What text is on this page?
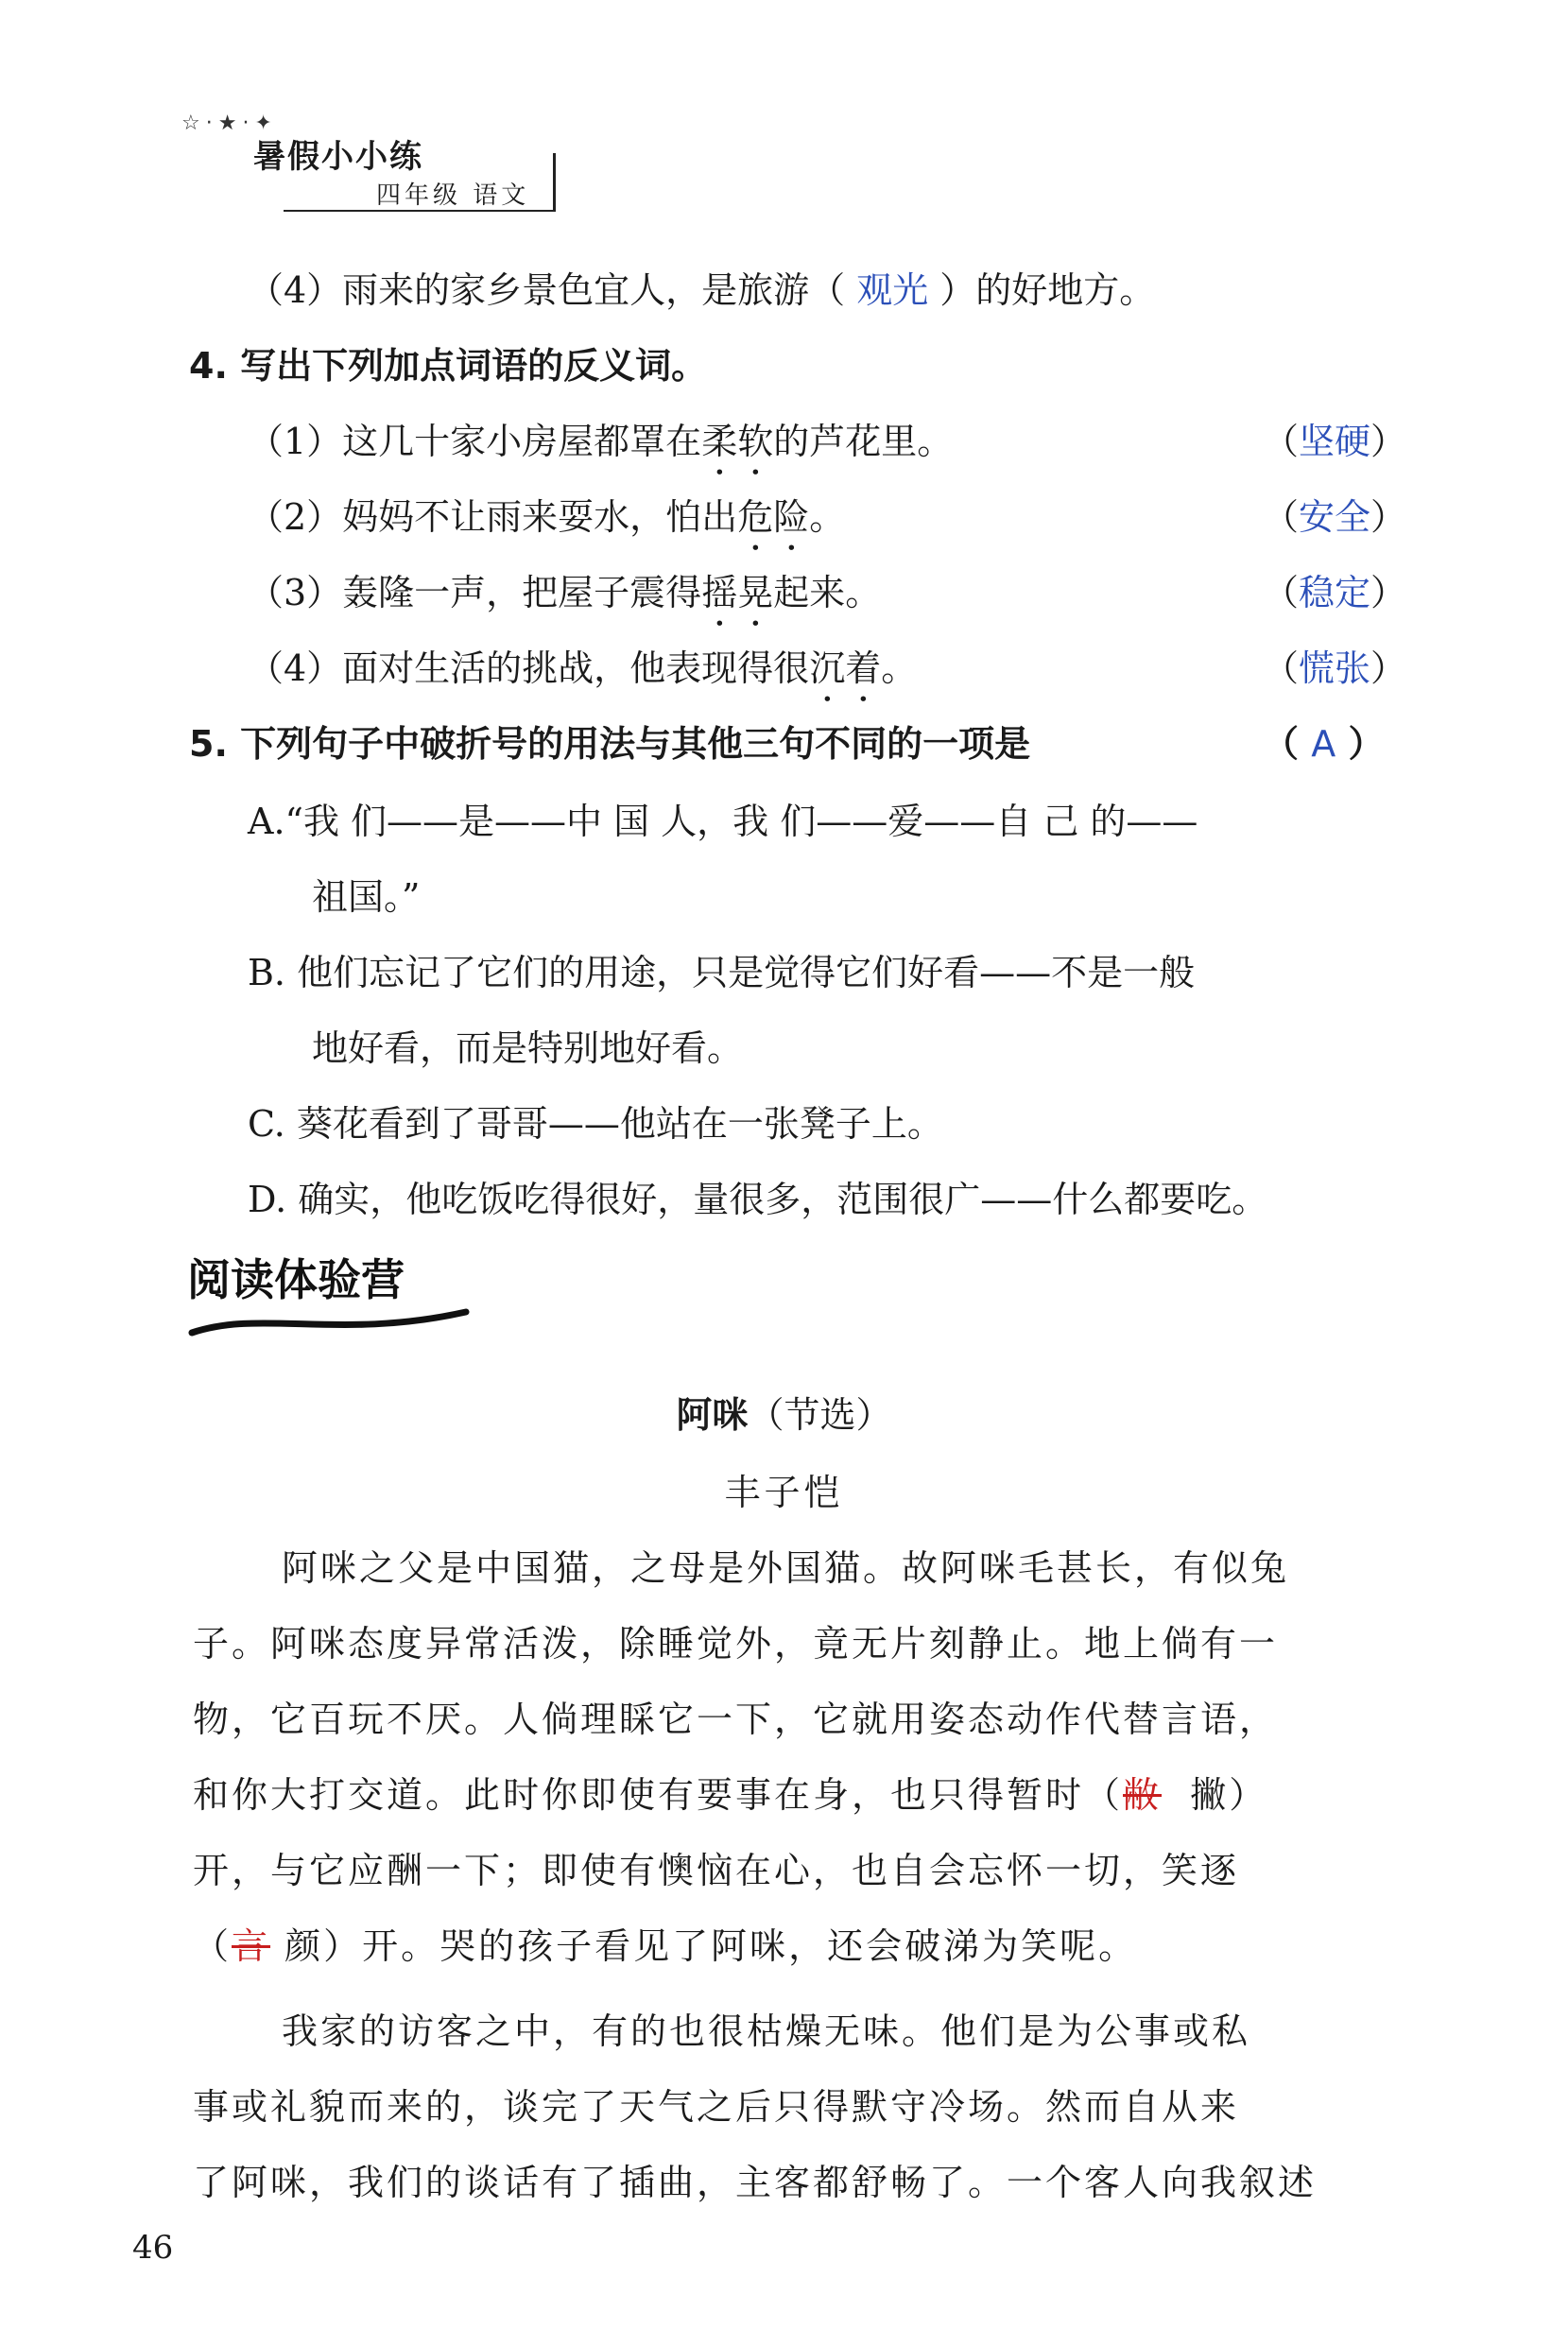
☆·★·✦
暑假小小练
四年级 语文
（4）雨来的家乡景色宜人，是旅游（ 观光 ）的好地方。
4. 写出下列加点词语的反义词。
（1）这几十家小房屋都罩在柔软的芦花里。	（坚硬）
（2）妈妈不让雨来耍水，怕出危险。	（安全）
（3）轰隆一声，把屋子震得摇晃起来。	（稳定）
（4）面对生活的挑战，他表现得很沉着。	（慌张）
5. 下列句子中破折号的用法与其他三句不同的一项是	（ A ）
A.“我 们——是——中 国 人，我 们——爱——自 己 的——
祖国。”
B. 他们忘记了它们的用途，只是觉得它们好看——不是一般
地好看，而是特别地好看。
C. 葵花看到了哥哥——他站在一张凳子上。
D. 确实，他吃饭吃得很好，量很多，范围很广——什么都要吃。
阅读体验营
阿咪（节选）
丰子恺
阿咪之父是中国猫，之母是外国猫。故阿咪毛甚长，有似兔
子。阿咪态度异常活泼，除睡觉外，竟无片刻静止。地上倘有一
物，它百玩不厌。人倘理睬它一下，它就用姿态动作代替言语，
和你大打交道。此时你即使有要事在身，也只得暂时（敝 撇）
开，与它应酬一下；即使有懊恼在心，也自会忘怀一切，笑逐
（言 颜）开。哭的孩子看见了阿咪，还会破涕为笑呢。
我家的访客之中，有的也很枯燥无味。他们是为公事或私
事或礼貌而来的，谈完了天气之后只得默守冷场。然而自从来
了阿咪，我们的谈话有了插曲，主客都舒畅了。一个客人向我叙述
46
